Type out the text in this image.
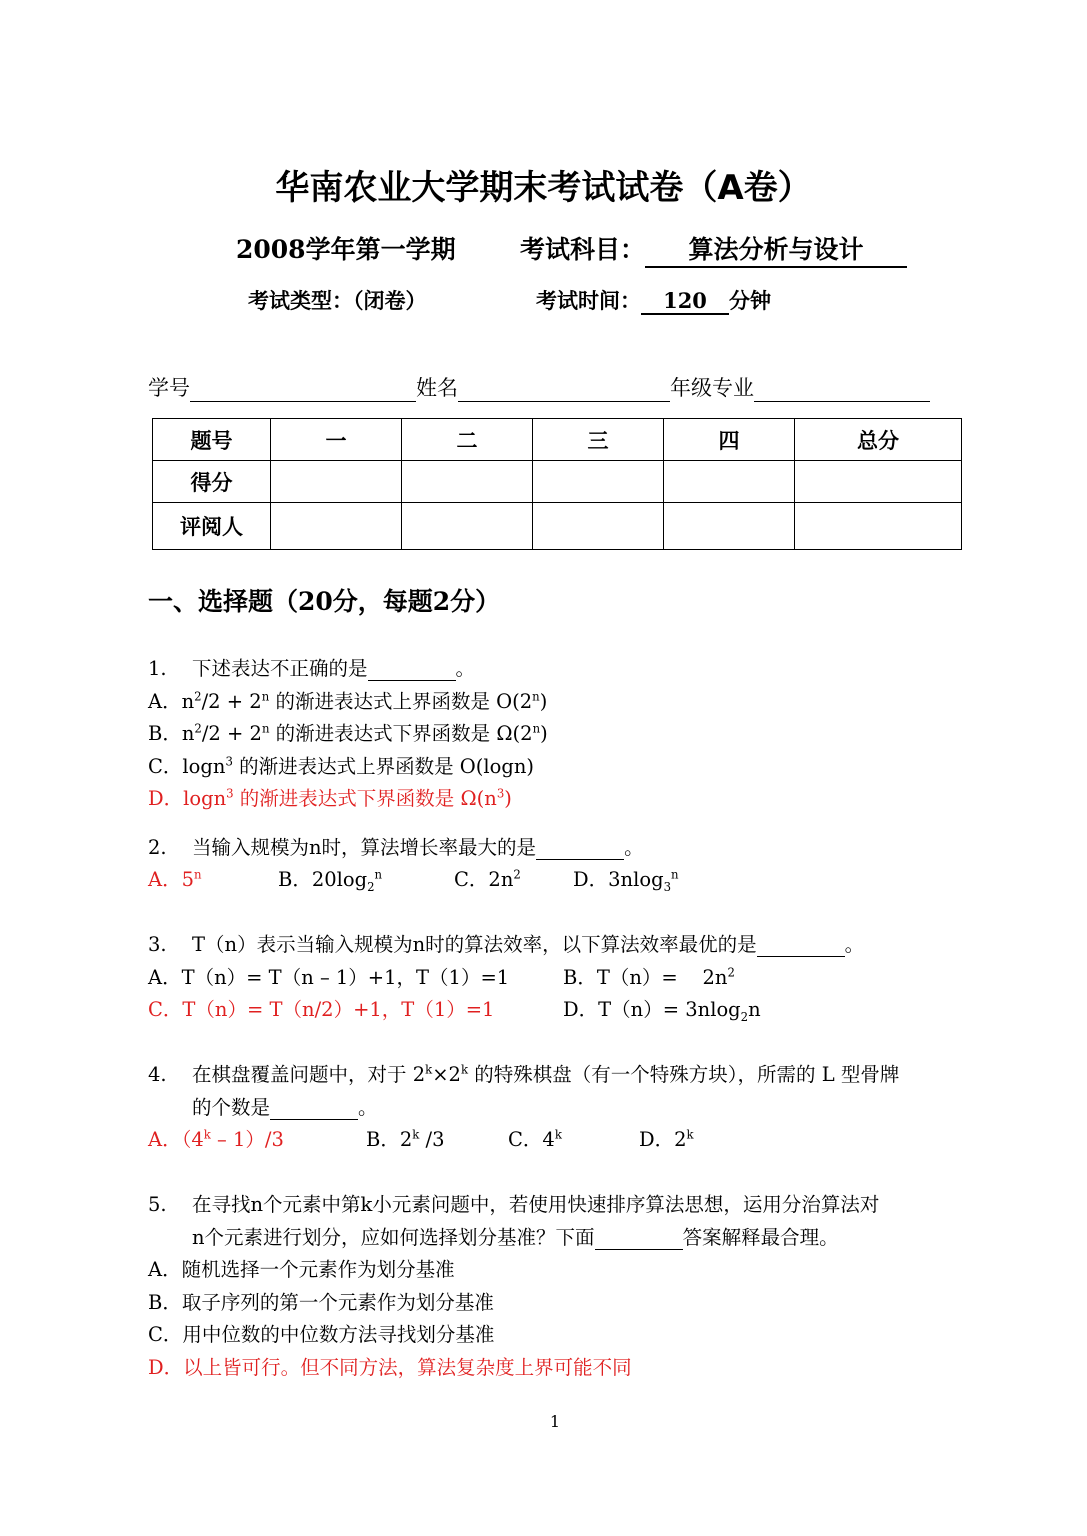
华南农业大学期末考试试卷（A卷）
2008学年第一学期	考试科目： 算法分析与设计
考试类型：（闭卷）	考试时间： 120 分钟
学号	姓名	年级专业
题号	一	二	三	四	总分
得分					
评阅人					
一、选择题（20分，每题2分）
1. 下述表达不正确的是	。
A．$n^2/2 + 2^n$ 的渐进表达式上界函数是 O(2$^n$)
B．$n^2/2 + 2^n$ 的渐进表达式下界函数是 Ω(2$^n$)
C．logn$^3$ 的渐进表达式上界函数是 O(logn)
D．logn$^3$ 的渐进表达式下界函数是 $\Omega(n^3)$
2. 当输入规模为n时，算法增长率最大的是	。
A．5$^n$	B．$20\log_2^n$	C．$2n^2$	D．3nlog$_3^n$
3. T（n）表示当输入规模为n时的算法效率，以下算法效率最优的是	。
A．T（n）= T（n – 1）+1，T（1）=1	B．T（n）=    $2n^2$
C．T（n）= T（n/2）+1，T（1）=1	D．T（n）= 3nlog$_2$n
4. 在棋盘覆盖问题中，对于 $2^k\times 2^k$ 的特殊棋盘（有一个特殊方块），所需的 L 型骨牌
的个数是	。
A．（4$^k$ – 1）/3	B．2$^k$ /3	C．4$^k$	D．2$^k$
5. 在寻找n个元素中第k小元素问题中，若使用快速排序算法思想，运用分治算法对
n个元素进行划分，应如何选择划分基准？下面	答案解释最合理。
A．随机选择一个元素作为划分基准
B．取子序列的第一个元素作为划分基准
C．用中位数的中位数方法寻找划分基准
D．以上皆可行。但不同方法，算法复杂度上界可能不同
1
